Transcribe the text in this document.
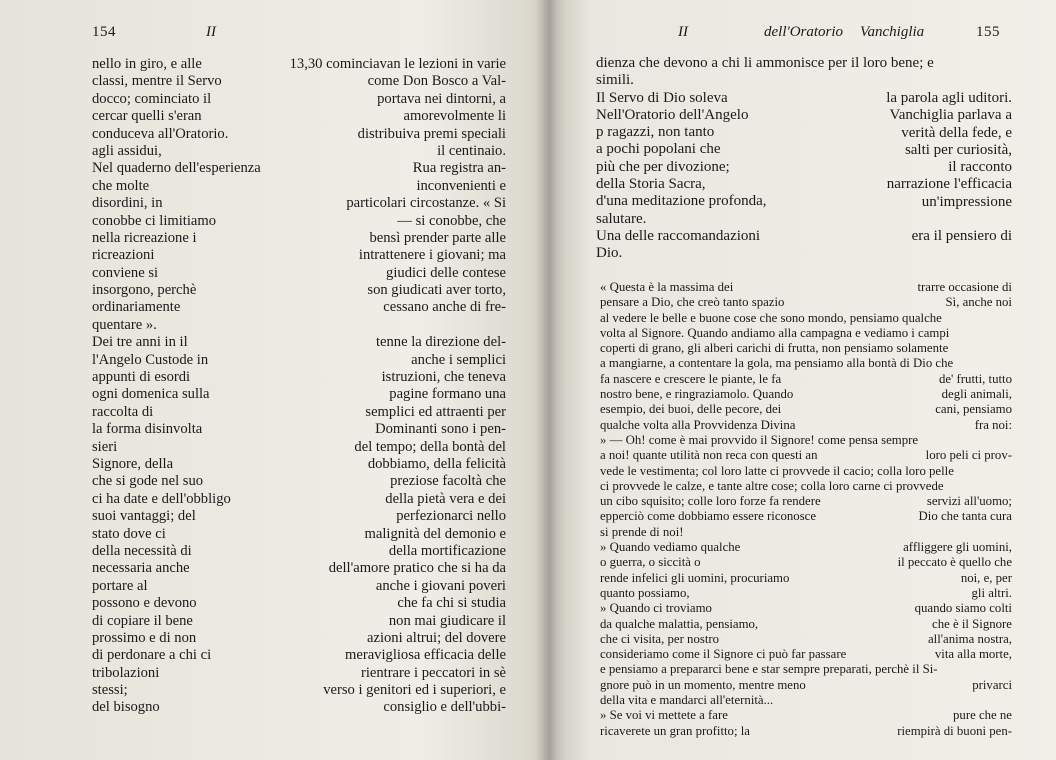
154	II
nello in giro, e alle
classi, mentre il Servo
docco; cominciato il
cercar quelli s'eran
conduceva all'Oratorio.
agli assidui,
Nel quaderno dell'esperienza
che molte
disordini, in
conobbe ci limitiamo
nella ricreazione i
ricreazioni
conviene si
insorgono, perchè
ordinariamente
quentare ».
Dei tre anni in il
l'Angelo Custode in
appunti di esordi
ogni domenica sulla
raccolta di
la forma disinvolta
sieri
Signore, della
che si gode nel suo
ci ha date e dell'obbligo
suoi vantaggi; del
stato dove ci
della necessità di
necessaria anche
portare al
possono e devono
di copiare il bene
prossimo e di non
di perdonare a chi ci
tribolazioni
stessi;
del bisogno
13,30 cominciavan le lezioni in varie
come Don Bosco a Val-
portava nei dintorni, a
amorevolmente li
distribuiva premi speciali
il centinaio.
Rua registra an-
inconvenienti e
particolari circostanze. « Si
— si conobbe, che
bensì prender parte alle
intrattenere i giovani; ma
giudici delle contese
son giudicati aver torto,
cessano anche di fre-
tenne la direzione del-
anche i semplici
istruzioni, che teneva
pagine formano una
semplici ed attraenti per
Dominanti sono i pen-
del tempo; della bontà del
dobbiamo, della felicità
preziose facoltà che
della pietà vera e dei
perfezionarci nello
malignità del demonio e
della mortificazione
dell'amore pratico che si ha da
anche i giovani poveri
che fa chi si studia
non mai giudicare il
azioni altrui; del dovere
meravigliosa efficacia delle
rientrare i peccatori in sè
verso i genitori ed i superiori, e
consiglio e dell'ubbi-
II	dell'Oratorio Vanchiglia	155
dienza che devono a chi li ammonisce per il loro bene; e
simili.
Il Servo di Dio soleva
Nell'Oratorio dell'Angelo
p ragazzi, non tanto
a pochi popolani che
più che per divozione;
della Storia Sacra,
d'una meditazione profonda,
salutare.
Una delle raccomandazioni
Dio.
la parola agli uditori.
Vanchiglia parlava a
verità della fede, e
salti per curiosità,
il racconto
narrazione l'efficacia
un'impressione
era il pensiero di
« Questa è la massima dei
pensare a Dio, che creò tanto spazio
al vedere le belle e buone cose che sono mondo, pensiamo qualche
volta al Signore. Quando andiamo alla campagna e vediamo i campi
coperti di grano, gli alberi carichi di frutta, non pensiamo solamente
a mangiarne, a contentare la gola, ma pensiamo alla bontà di Dio che
fa nascere e crescere le piante, le fa
nostro bene, e ringraziamolo. Quando
esempio, dei buoi, delle pecore, dei
qualche volta alla Provvidenza Divina
» — Oh! come è mai provvido il Signore! come pensa sempre
a noi! quante utilità non reca con questi an
vede le vestimenta; col loro latte ci provvede il cacio; colla loro pelle
ci provvede le calze, e tante altre cose; colla loro carne ci provvede
un cibo squisito; colle loro forze fa rendere
epperciò come dobbiamo essere riconosce
si prende di noi!
» Quando vediamo qualche
o guerra, o siccità o
rende infelici gli uomini, procuriamo
quanto possiamo,
» Quando ci troviamo
da qualche malattia, pensiamo,
che ci visita, per nostro
consideriamo come il Signore ci può far passare
e pensiamo a prepararci bene e star sempre preparati, perchè il Si-
gnore può in un momento, mentre meno
della vita e mandarci all'eternità...
» Se voi vi mettete a fare
ricaverete un gran profitto; la
trarre occasione di
Sì, anche noi
de' frutti, tutto
degli animali,
cani, pensiamo
fra noi:
loro peli ci prov-
servizi all'uomo;
Dio che tanta cura
affliggere gli uomini,
il peccato è quello che
noi, e, per
gli altri.
quando siamo colti
che è il Signore
all'anima nostra,
vita alla morte,
privarci
pure che ne
riempirà di buoni pen-
